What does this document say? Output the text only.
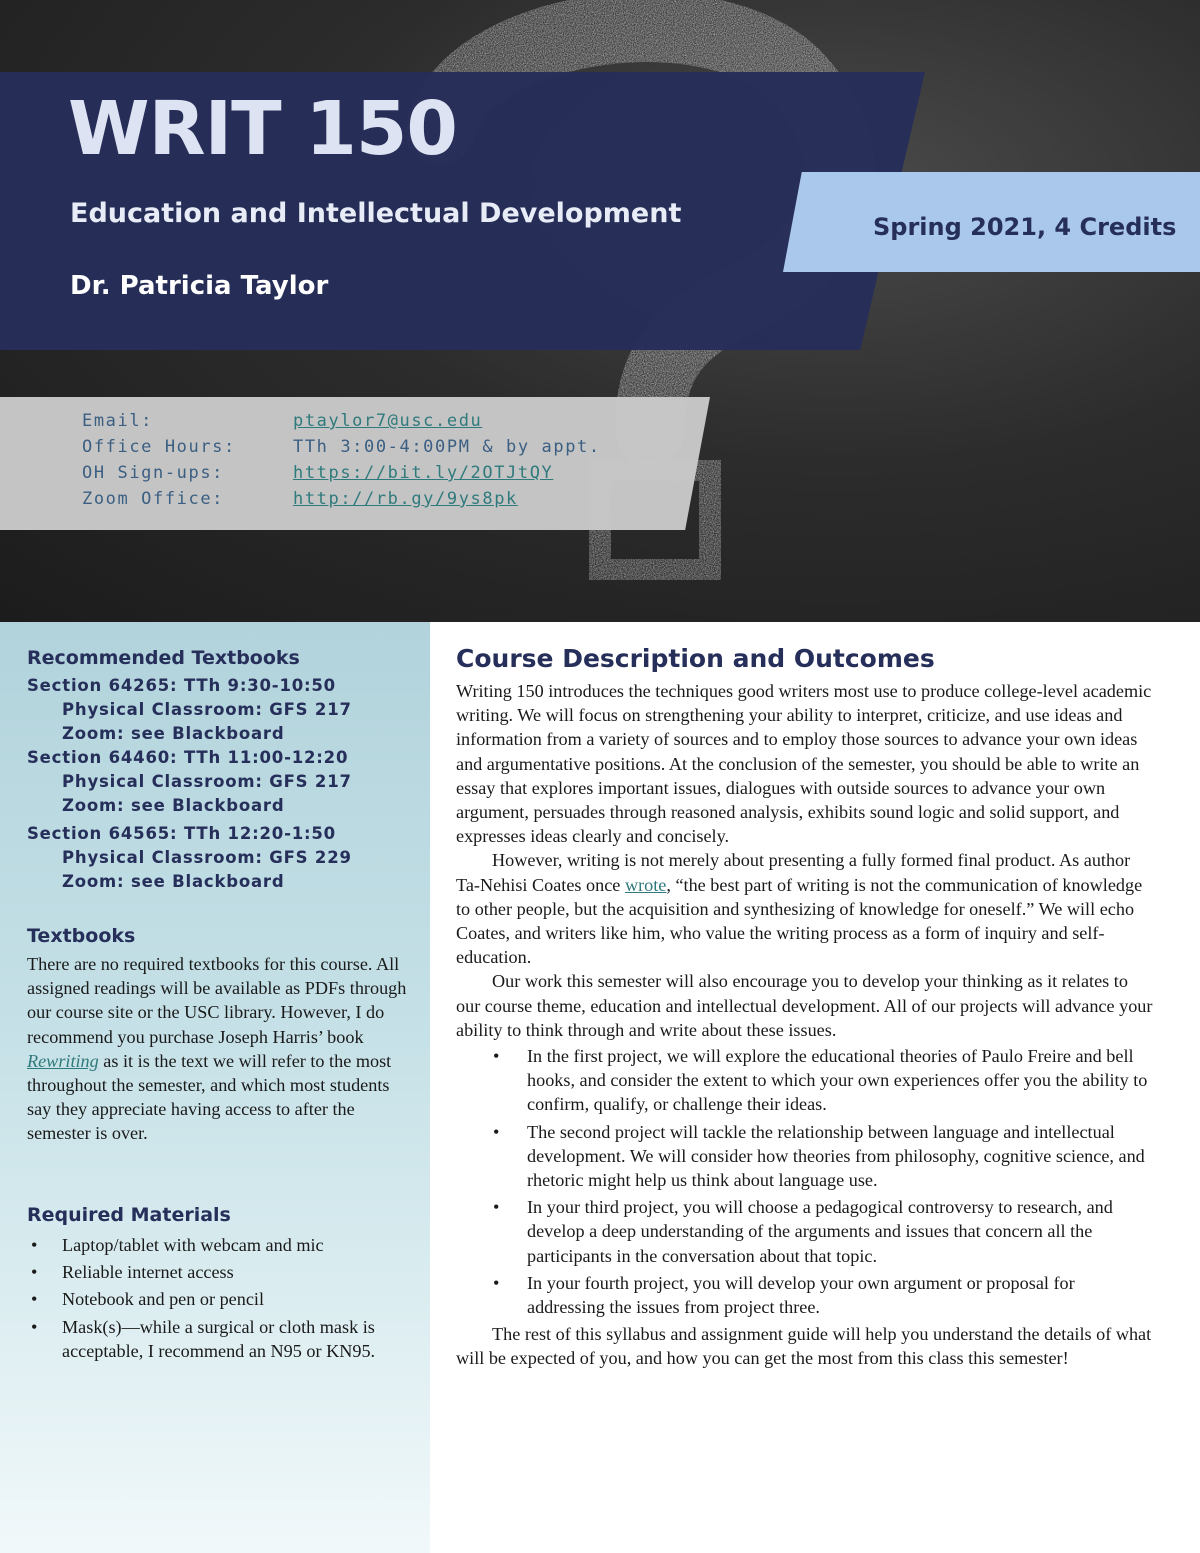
WRIT 150
Education and Intellectual Development
Dr. Patricia Taylor
Spring 2021, 4 Credits
Email:	ptaylor7@usc.edu
Office Hours:	TTh 3:00-4:00PM & by appt.
OH Sign-ups:	https://bit.ly/2OTJtQY
Zoom Office:	http://rb.gy/9ys8pk
Recommended Textbooks
Section 64265: TTh 9:30-10:50
Physical Classroom: GFS 217
Zoom: see Blackboard
Section 64460: TTh 11:00-12:20
Physical Classroom: GFS 217
Zoom: see Blackboard
Section 64565: TTh 12:20-1:50
Physical Classroom: GFS 229
Zoom: see Blackboard
Textbooks
There are no required textbooks for this course. All assigned readings will be available as PDFs through our course site or the USC library. However, I do recommend you purchase Joseph Harris’ book Rewriting as it is the text we will refer to the most throughout the semester, and which most students say they appreciate having access to after the semester is over.
Required Materials
• Laptop/tablet with webcam and mic
• Reliable internet access
• Notebook and pen or pencil
• Mask(s)—while a surgical or cloth mask is acceptable, I recommend an N95 or KN95.
Course Description and Outcomes

Writing 150 introduces the techniques good writers most use to produce college-level academic writing. We will focus on strengthening your ability to interpret, criticize, and use ideas and information from a variety of sources and to employ those sources to advance your own ideas and argumentative positions. At the conclusion of the semester, you should be able to write an essay that explores important issues, dialogues with outside sources to advance your own argument, persuades through reasoned analysis, exhibits sound logic and solid support, and expresses ideas clearly and concisely.

However, writing is not merely about presenting a fully formed final product. As author Ta-Nehisi Coates once wrote, “the best part of writing is not the communication of knowledge to other people, but the acquisition and synthesizing of knowledge for oneself.” We will echo Coates, and writers like him, who value the writing process as a form of inquiry and self-education.

Our work this semester will also encourage you to develop your thinking as it relates to our course theme, education and intellectual development. All of our projects will advance your ability to think through and write about these issues.

• In the first project, we will explore the educational theories of Paulo Freire and bell hooks, and consider the extent to which your own experiences offer you the ability to confirm, qualify, or challenge their ideas.
• The second project will tackle the relationship between language and intellectual development. We will consider how theories from philosophy, cognitive science, and rhetoric might help us think about language use.
• In your third project, you will choose a pedagogical controversy to research, and develop a deep understanding of the arguments and issues that concern all the participants in the conversation about that topic.
• In your fourth project, you will develop your own argument or proposal for addressing the issues from project three.

The rest of this syllabus and assignment guide will help you understand the details of what will be expected of you, and how you can get the most from this class this semester!
